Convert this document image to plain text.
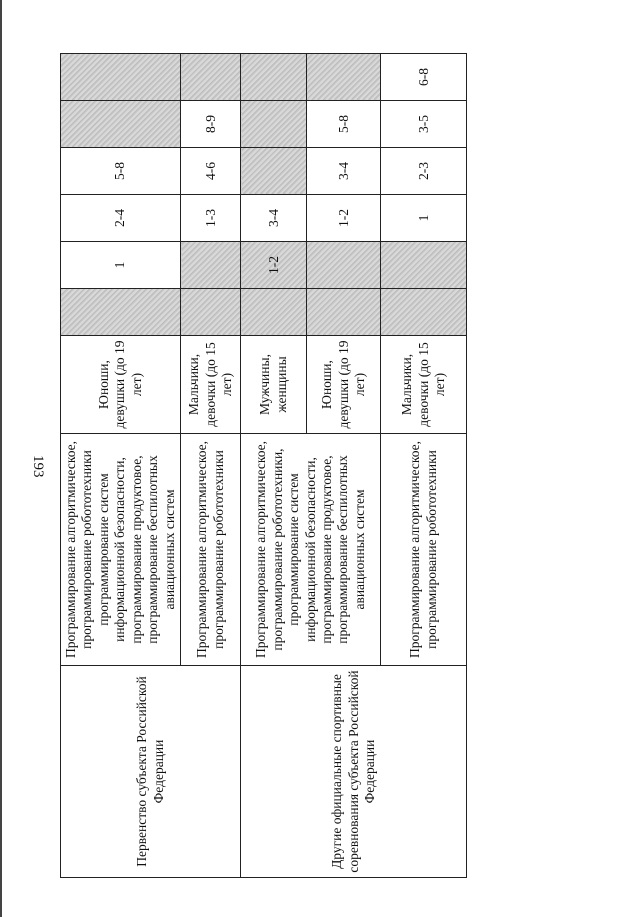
193
Первенство субъекта Российской Федерации	Программирование алгоритмическое, программирование робототехники программирование систем информационной безопасности, программирование продуктовое, программирование беспилотных авиационных систем	Юноши, девушки (до 19 лет)		1	2-4	5-8		
	Программирование алгоритмическое, программирование робототехники	Мальчики, девочки (до 15 лет)			1-3	4-6	8-9	
Другие официальные спортивные соревнования субъекта Российской Федерации	Программирование алгоритмическое, программирование робототехники, программирование систем информационной безопасности, программирование продуктовое, программирование беспилотных авиационных систем	Мужчины, женщины		1-2	3-4			
		Юноши, девушки (до 19 лет)			1-2	3-4	5-8	
	Программирование алгоритмическое, программирование робототехники	Мальчики, девочки (до 15 лет)			1	2-3	3-5	6-8
